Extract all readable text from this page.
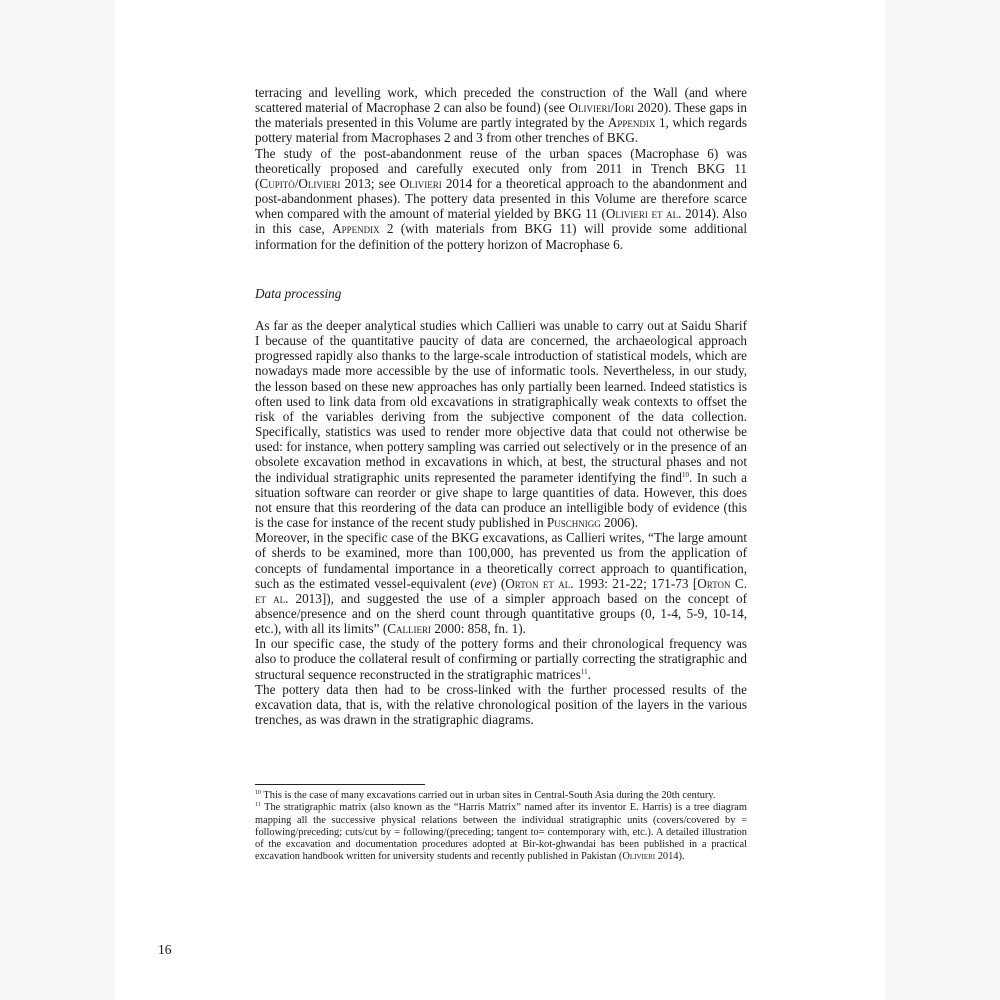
terracing and levelling work, which preceded the construction of the Wall (and where scattered material of Macrophase 2 can also be found) (see Olivieri/Iori 2020). These gaps in the materials presented in this Volume are partly integrated by the Appendix 1, which regards pottery material from Macrophases 2 and 3 from other trenches of BKG.

The study of the post-abandonment reuse of the urban spaces (Macrophase 6) was theoretically proposed and carefully executed only from 2011 in Trench BKG 11 (Cupitò/Olivieri 2013; see Olivieri 2014 for a theoretical approach to the abandonment and post-abandonment phases). The pottery data presented in this Volume are therefore scarce when compared with the amount of material yielded by BKG 11 (Olivieri et al. 2014). Also in this case, Appendix 2 (with materials from BKG 11) will provide some additional information for the definition of the pottery horizon of Macrophase 6.

Data processing

As far as the deeper analytical studies which Callieri was unable to carry out at Saidu Sharif I because of the quantitative paucity of data are concerned, the archaeological approach progressed rapidly also thanks to the large-scale introduction of statistical models, which are nowadays made more accessible by the use of informatic tools. Nevertheless, in our study, the lesson based on these new approaches has only partially been learned. Indeed statistics is often used to link data from old excavations in stratigraphically weak contexts to offset the risk of the variables deriving from the subjective component of the data collection. Specifically, statistics was used to render more objective data that could not otherwise be used: for instance, when pottery sampling was carried out selectively or in the presence of an obsolete excavation method in excavations in which, at best, the structural phases and not the individual stratigraphic units represented the parameter identifying the find$^{10}$. In such a situation software can reorder or give shape to large quantities of data. However, this does not ensure that this reordering of the data can produce an intelligible body of evidence (this is the case for instance of the recent study published in Puschnigg 2006).

Moreover, in the specific case of the BKG excavations, as Callieri writes, “The large amount of sherds to be examined, more than 100,000, has prevented us from the application of concepts of fundamental importance in a theoretically correct approach to quantification, such as the estimated vessel-equivalent (eve) (Orton et al. 1993: 21-22; 171-73 [Orton C. et al. 2013]), and suggested the use of a simpler approach based on the concept of absence/presence and on the sherd count through quantitative groups (0, 1-4, 5-9, 10-14, etc.), with all its limits” (Callieri 2000: 858, fn. 1).

In our specific case, the study of the pottery forms and their chronological frequency was also to produce the collateral result of confirming or partially correcting the stratigraphic and structural sequence reconstructed in the stratigraphic matrices$^{11}$.

The pottery data then had to be cross-linked with the further processed results of the excavation data, that is, with the relative chronological position of the layers in the various trenches, as was drawn in the stratigraphic diagrams.

$^{10}$ This is the case of many excavations carried out in urban sites in Central-South Asia during the 20th century.

$^{11}$ The stratigraphic matrix (also known as the “Harris Matrix” named after its inventor E. Harris) is a tree diagram mapping all the successive physical relations between the individual stratigraphic units (covers/covered by = following/preceding; cuts/cut by = following/(preceding; tangent to= contemporary with, etc.). A detailed illustration of the excavation and documentation procedures adopted at Bir-kot-ghwandai has been published in a practical excavation handbook written for university students and recently published in Pakistan (Olivieri 2014).

16
